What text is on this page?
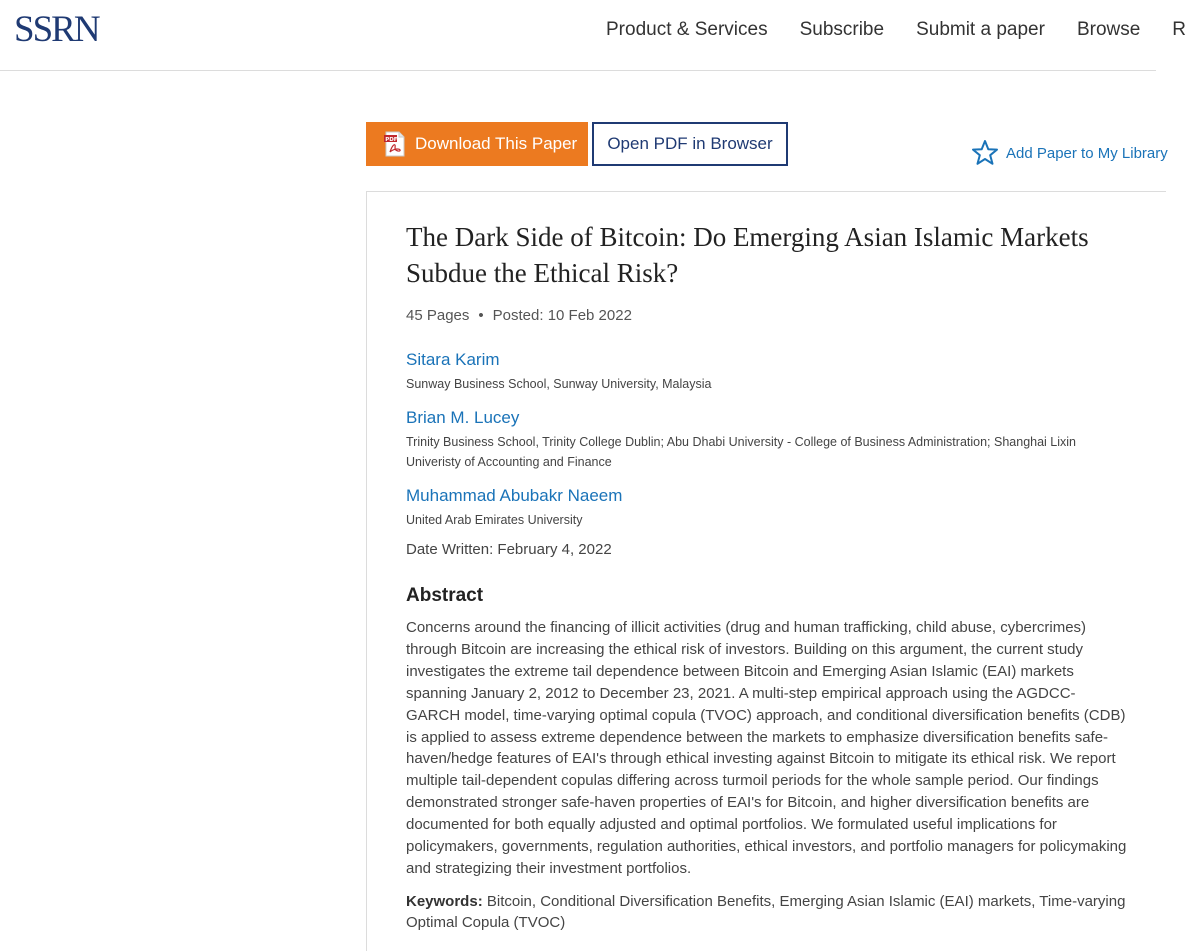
SSRN	Product & Services	Subscribe	Submit a paper	Browse	R
PDF Download This Paper Open PDF in Browser	Add Paper to My Library
The Dark Side of Bitcoin: Do Emerging Asian Islamic Markets Subdue the Ethical Risk?
45 Pages • Posted: 10 Feb 2022
Sitara Karim
Sunway Business School, Sunway University, Malaysia
Brian M. Lucey
Trinity Business School, Trinity College Dublin; Abu Dhabi University - College of Business Administration; Shanghai Lixin Univeristy of Accounting and Finance
Muhammad Abubakr Naeem
United Arab Emirates University
Date Written: February 4, 2022
Abstract

Concerns around the financing of illicit activities (drug and human trafficking, child abuse, cybercrimes) through Bitcoin are increasing the ethical risk of investors. Building on this argument, the current study investigates the extreme tail dependence between Bitcoin and Emerging Asian Islamic (EAI) markets spanning January 2, 2012 to December 23, 2021. A multi-step empirical approach using the AGDCC-GARCH model, time-varying optimal copula (TVOC) approach, and conditional diversification benefits (CDB) is applied to assess extreme dependence between the markets to emphasize diversification benefits safe-haven/hedge features of EAI's through ethical investing against Bitcoin to mitigate its ethical risk. We report multiple tail-dependent copulas differing across turmoil periods for the whole sample period. Our findings demonstrated stronger safe-haven properties of EAI's for Bitcoin, and higher diversification benefits are documented for both equally adjusted and optimal portfolios. We formulated useful implications for policymakers, governments, regulation authorities, ethical investors, and portfolio managers for policymaking and strategizing their investment portfolios.

Keywords: Bitcoin, Conditional Diversification Benefits, Emerging Asian Islamic (EAI) markets, Time-varying Optimal Copula (TVOC)
